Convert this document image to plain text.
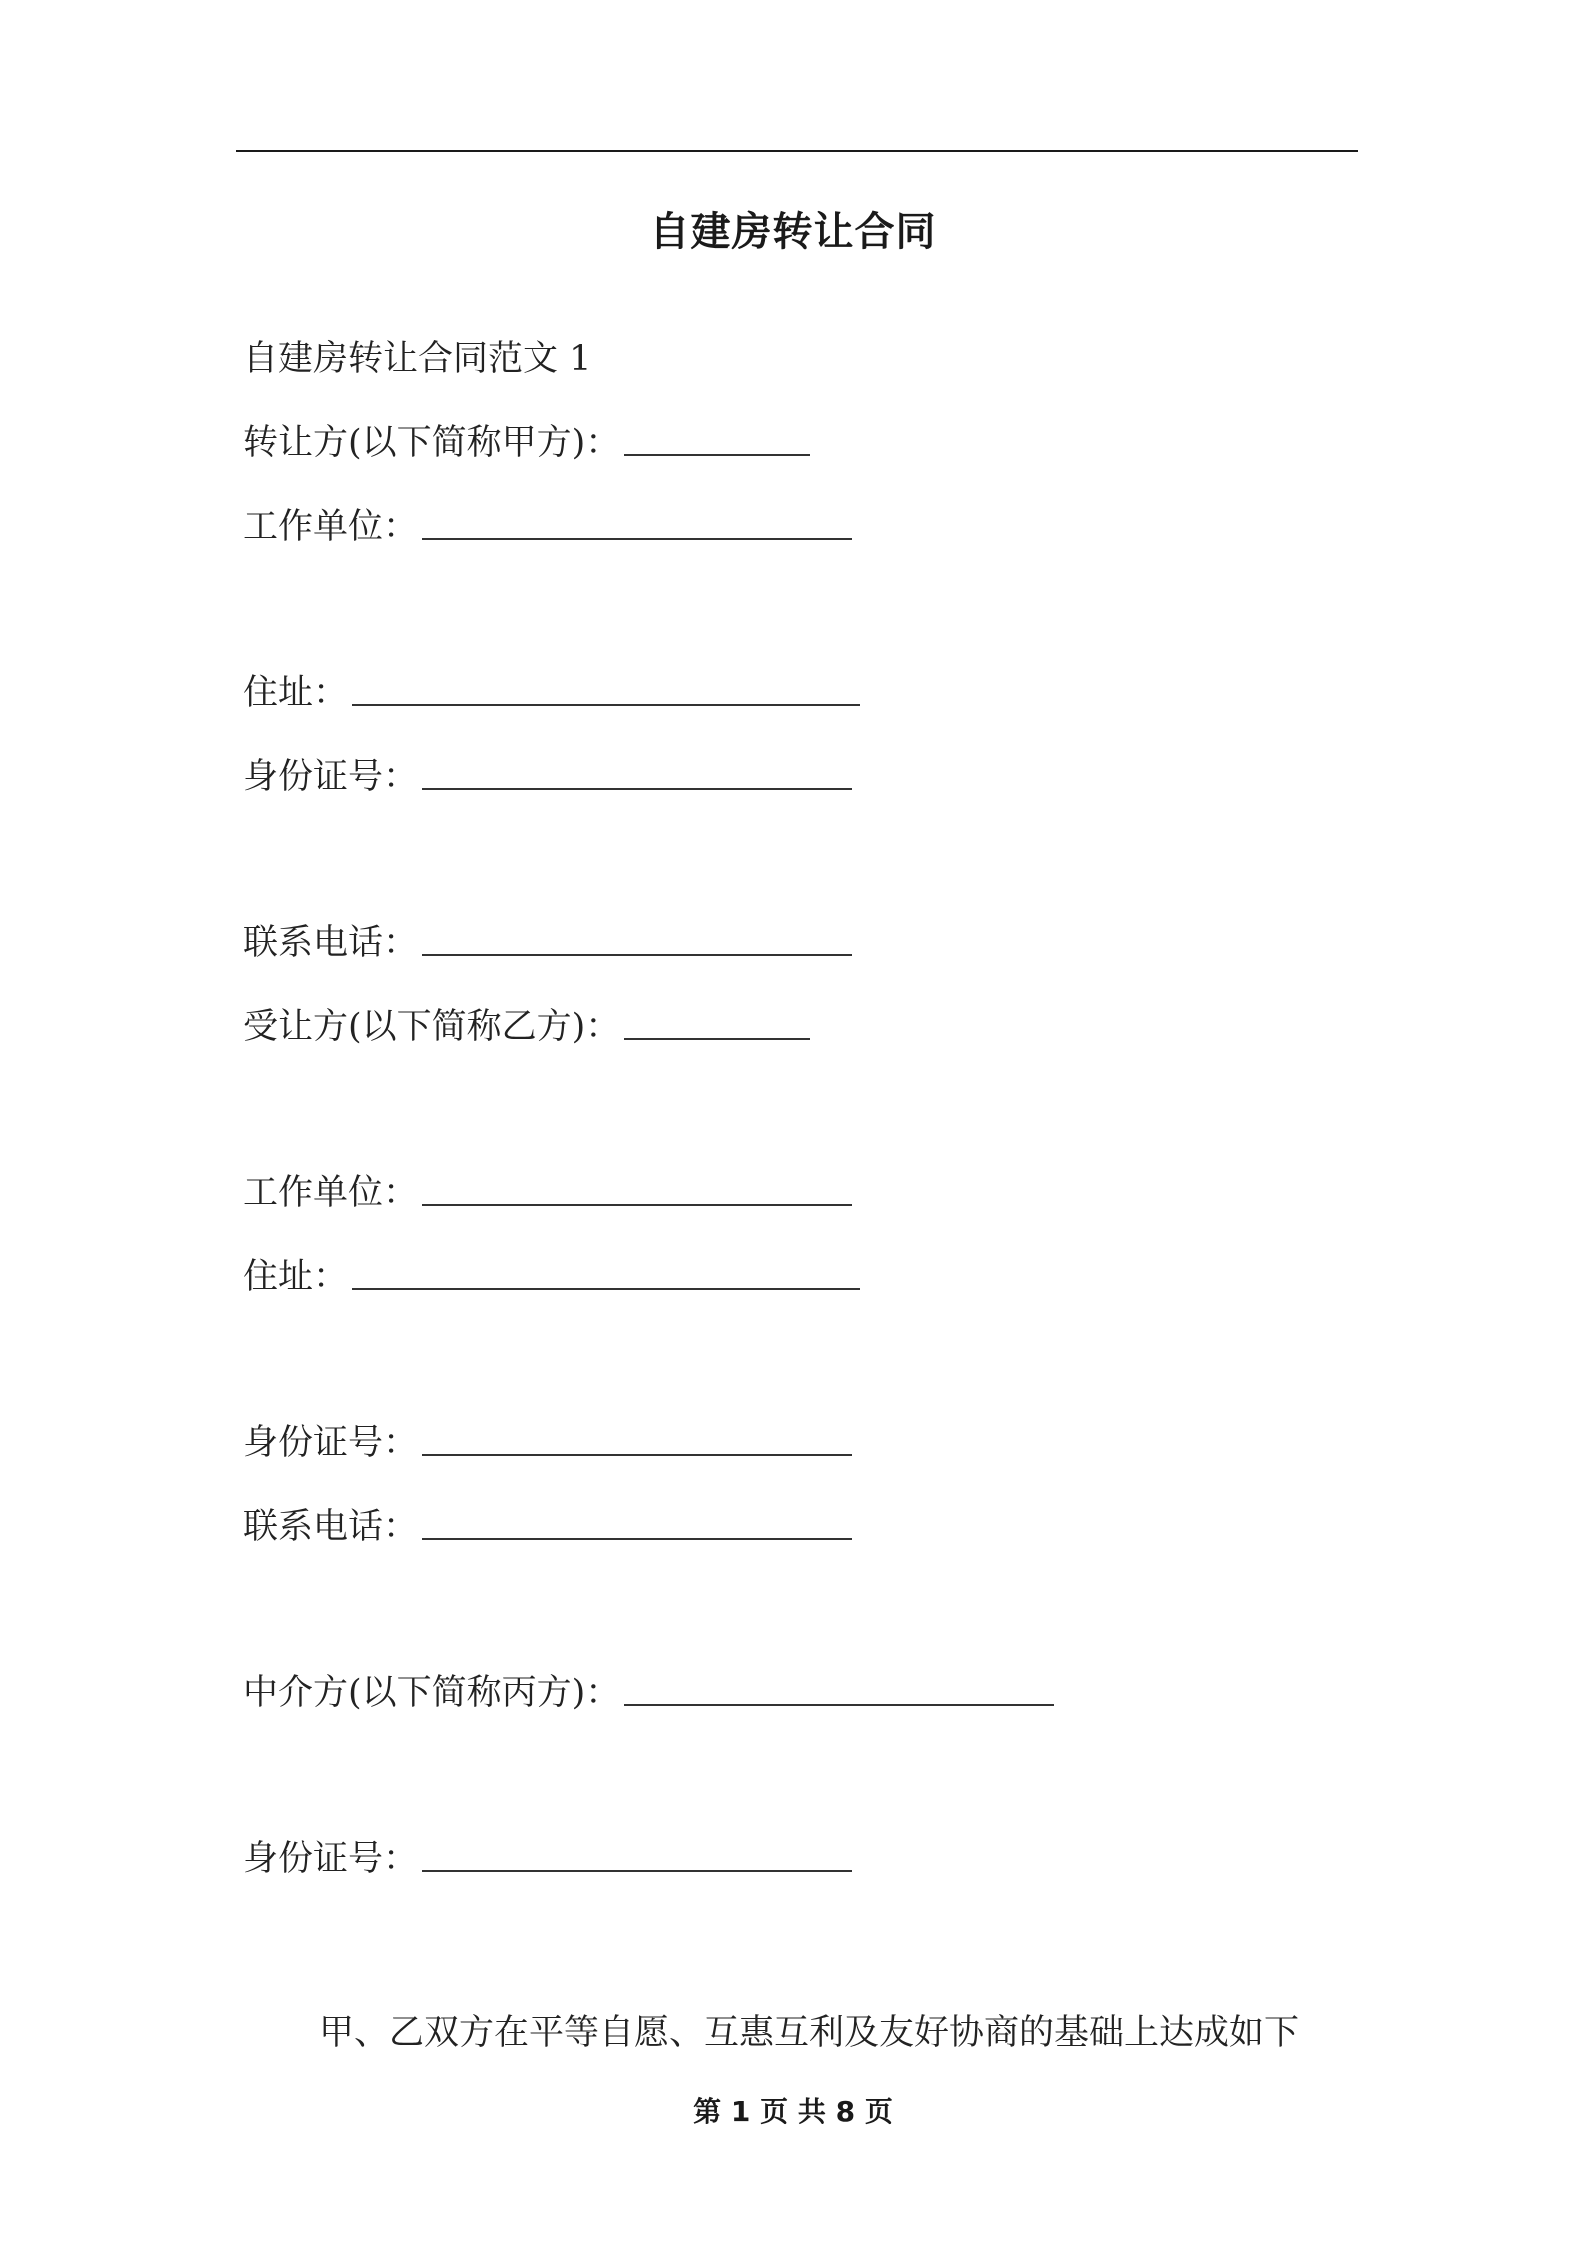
自建房转让合同
自建房转让合同范文 1
转让方(以下简称甲方)：
工作单位：
住址：
身份证号：
联系电话：
受让方(以下简称乙方)：
工作单位：
住址：
身份证号：
联系电话：
中介方(以下简称丙方)：
身份证号：
甲、乙双方在平等自愿、互惠互利及友好协商的基础上达成如下
第 1 页 共 8 页
